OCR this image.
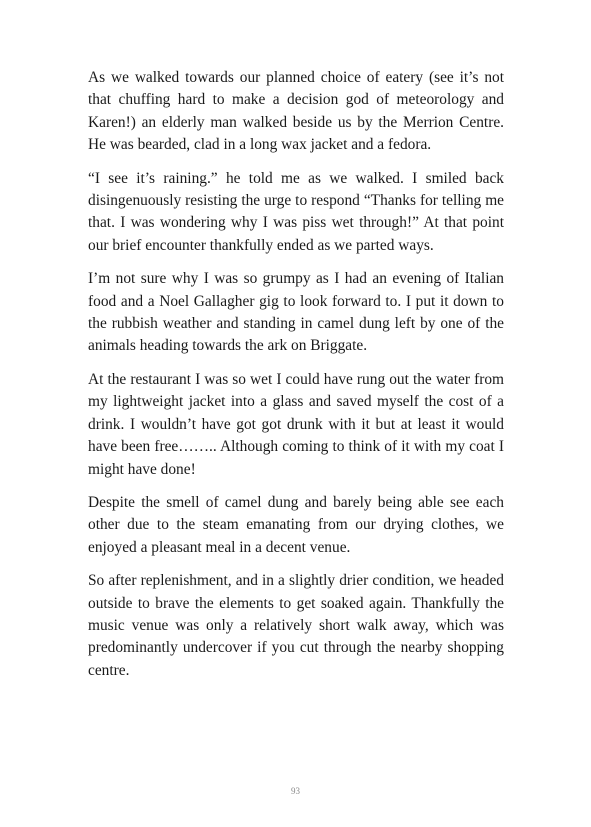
As we walked towards our planned choice of eatery (see it’s not that chuffing hard to make a decision god of meteorology and Karen!) an elderly man walked beside us by the Merrion Centre. He was bearded, clad in a long wax jacket and a fedora.

“I see it’s raining.” he told me as we walked. I smiled back disingenuously resisting the urge to respond “Thanks for telling me that. I was wondering why I was piss wet through!” At that point our brief encounter thankfully ended as we parted ways.

I’m not sure why I was so grumpy as I had an evening of Italian food and a Noel Gallagher gig to look forward to. I put it down to the rubbish weather and standing in camel dung left by one of the animals heading towards the ark on Briggate.

At the restaurant I was so wet I could have rung out the water from my lightweight jacket into a glass and saved myself the cost of a drink. I wouldn’t have got got drunk with it but at least it would have been free…….. Although coming to think of it with my coat I might have done!

Despite the smell of camel dung and barely being able see each other due to the steam emanating from our drying clothes, we enjoyed a pleasant meal in a decent venue.

So after replenishment, and in a slightly drier condition, we headed outside to brave the elements to get soaked again. Thankfully the music venue was only a relatively short walk away, which was predominantly undercover if you cut through the nearby shopping centre.

93
